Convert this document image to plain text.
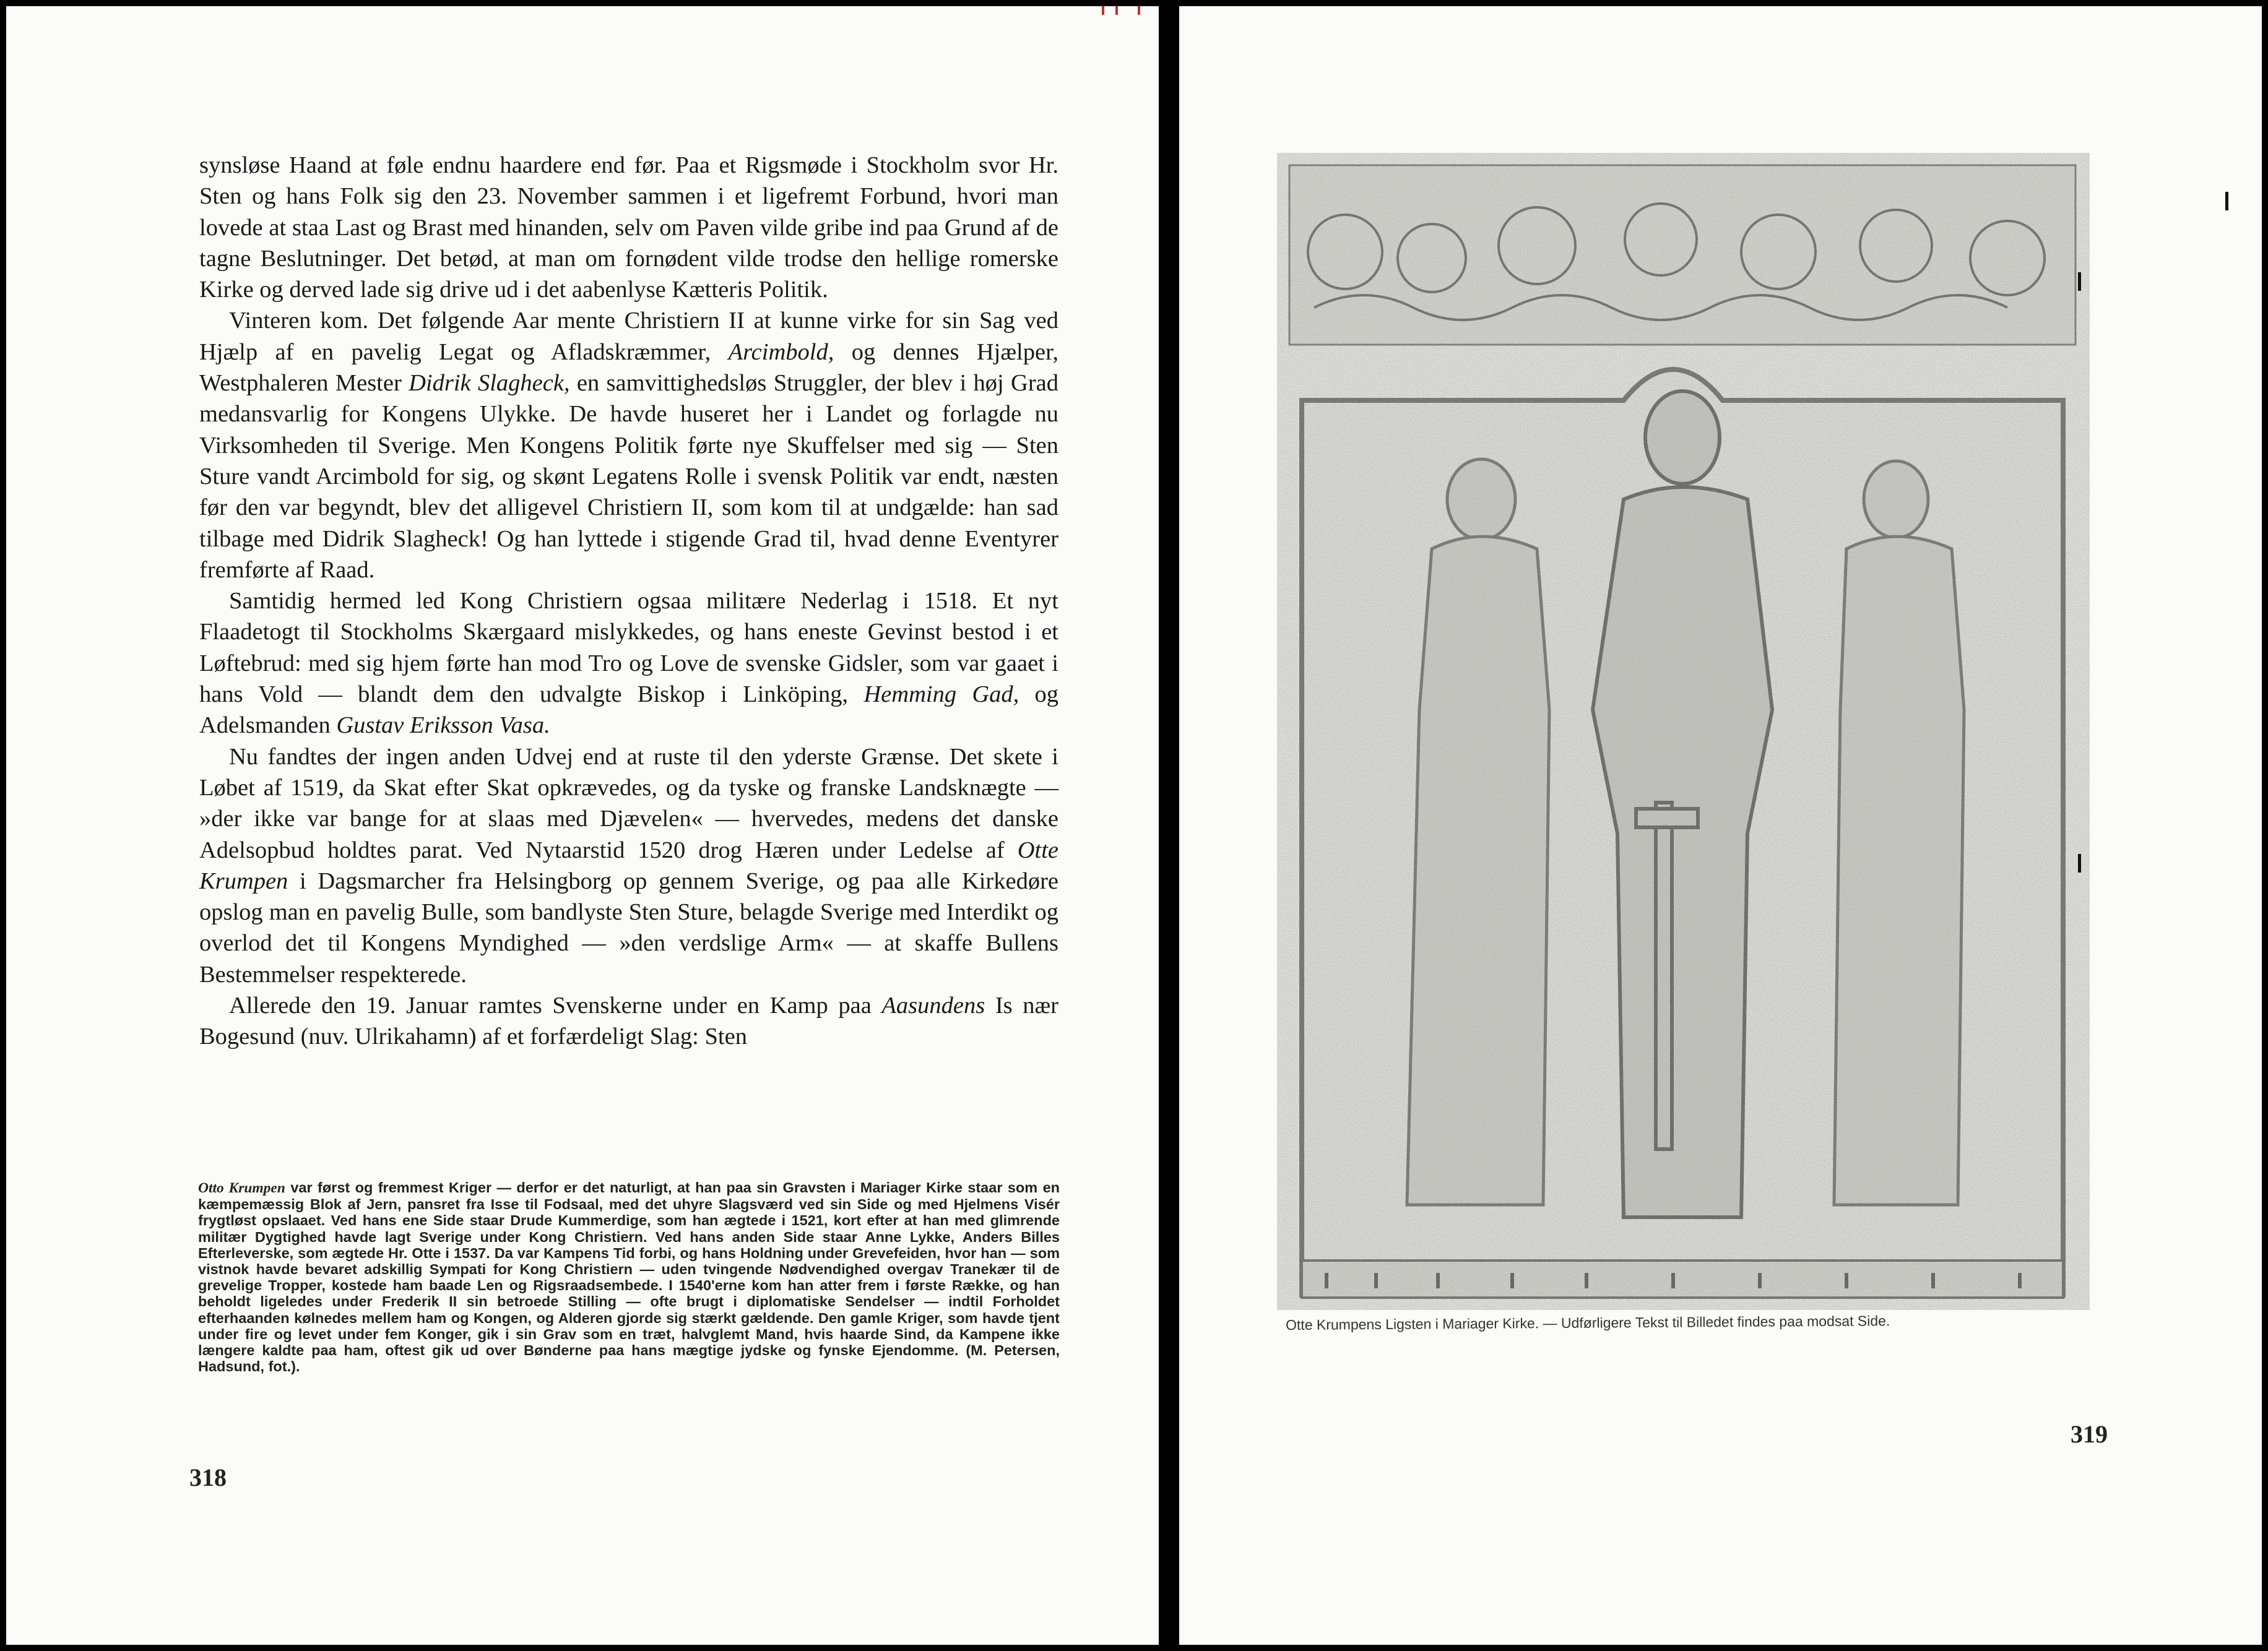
synsløse Haand at føle endnu haardere end før. Paa et Rigsmøde i Stockholm svor Hr. Sten og hans Folk sig den 23. November sammen i et ligefremt Forbund, hvori man lovede at staa Last og Brast med hinanden, selv om Paven vilde gribe ind paa Grund af de tagne Beslutninger. Det betød, at man om fornødent vilde trodse den hellige romerske Kirke og derved lade sig drive ud i det aabenlyse Kætteris Politik.

Vinteren kom. Det følgende Aar mente Christiern II at kunne virke for sin Sag ved Hjælp af en pavelig Legat og Afladskræmmer, Arcimbold, og dennes Hjælper, Westphaleren Mester Didrik Slagheck, en samvittighedsløs Struggler, der blev i høj Grad medansvarlig for Kongens Ulykke. De havde huseret her i Landet og forlagde nu Virksomheden til Sverige. Men Kongens Politik førte nye Skuffelser med sig — Sten Sture vandt Arcimbold for sig, og skønt Legatens Rolle i svensk Politik var endt, næsten før den var begyndt, blev det alligevel Christiern II, som kom til at undgælde: han sad tilbage med Didrik Slagheck! Og han lyttede i stigende Grad til, hvad denne Eventyrer fremførte af Raad.

Samtidig hermed led Kong Christiern ogsaa militære Nederlag i 1518. Et nyt Flaadetogt til Stockholms Skærgaard mislykkedes, og hans eneste Gevinst bestod i et Løftebrud: med sig hjem førte han mod Tro og Love de svenske Gidsler, som var gaaet i hans Vold — blandt dem den udvalgte Biskop i Linköping, Hemming Gad, og Adelsmanden Gustav Eriksson Vasa.

Nu fandtes der ingen anden Udvej end at ruste til den yderste Grænse. Det skete i Løbet af 1519, da Skat efter Skat opkrævedes, og da tyske og franske Landsknægte — »der ikke var bange for at slaas med Djævelen« — hvervedes, medens det danske Adelsopbud holdtes parat. Ved Nytaarstid 1520 drog Hæren under Ledelse af Otte Krumpen i Dagsmarcher fra Helsingborg op gennem Sverige, og paa alle Kirkedøre opslog man en pavelig Bulle, som bandlyste Sten Sture, belagde Sverige med Interdikt og overlod det til Kongens Myndighed — »den verdslige Arm« — at skaffe Bullens Bestemmelser respekterede.

Allerede den 19. Januar ramtes Svenskerne under en Kamp paa Aasundens Is nær Bogesund (nuv. Ulrikahamn) af et forfærdeligt Slag: Sten

Otto Krumpen var først og fremmest Kriger — derfor er det naturligt, at han paa sin Gravsten i Mariager Kirke staar som en kæmpemæssig Blok af Jern, pansret fra Isse til Fodsaal, med det uhyre Slagsværd ved sin Side og med Hjelmens Visér frygtløst opslaaet. Ved hans ene Side staar Drude Kummerdige, som han ægtede i 1521, kort efter at han med glimrende militær Dygtighed havde lagt Sverige under Kong Christiern. Ved hans anden Side staar Anne Lykke, Anders Billes Efterleverske, som ægtede Hr. Otte i 1537. Da var Kampens Tid forbi, og hans Holdning under Grevefeiden, hvor han — som vistnok havde bevaret adskillig Sympati for Kong Christiern — uden tvingende Nødvendighed overgav Tranekær til de grevelige Tropper, kostede ham baade Len og Rigsraadsembede. I 1540'erne kom han atter frem i første Række, og han beholdt ligeledes under Frederik II sin betroede Stilling — ofte brugt i diplomatiske Sendelser — indtil Forholdet efterhaanden kølnedes mellem ham og Kongen, og Alderen gjorde sig stærkt gældende. Den gamle Kriger, som havde tjent under fire og levet under fem Konger, gik i sin Grav som en træt, halvglemt Mand, hvis haarde Sind, da Kampene ikke længere kaldte paa ham, oftest gik ud over Bønderne paa hans mægtige jydske og fynske Ejendomme. (M. Petersen, Hadsund, fot.).
318
Otte Krumpens Ligsten i Mariager Kirke. — Udførligere Tekst til Billedet findes paa modsat Side.
319
